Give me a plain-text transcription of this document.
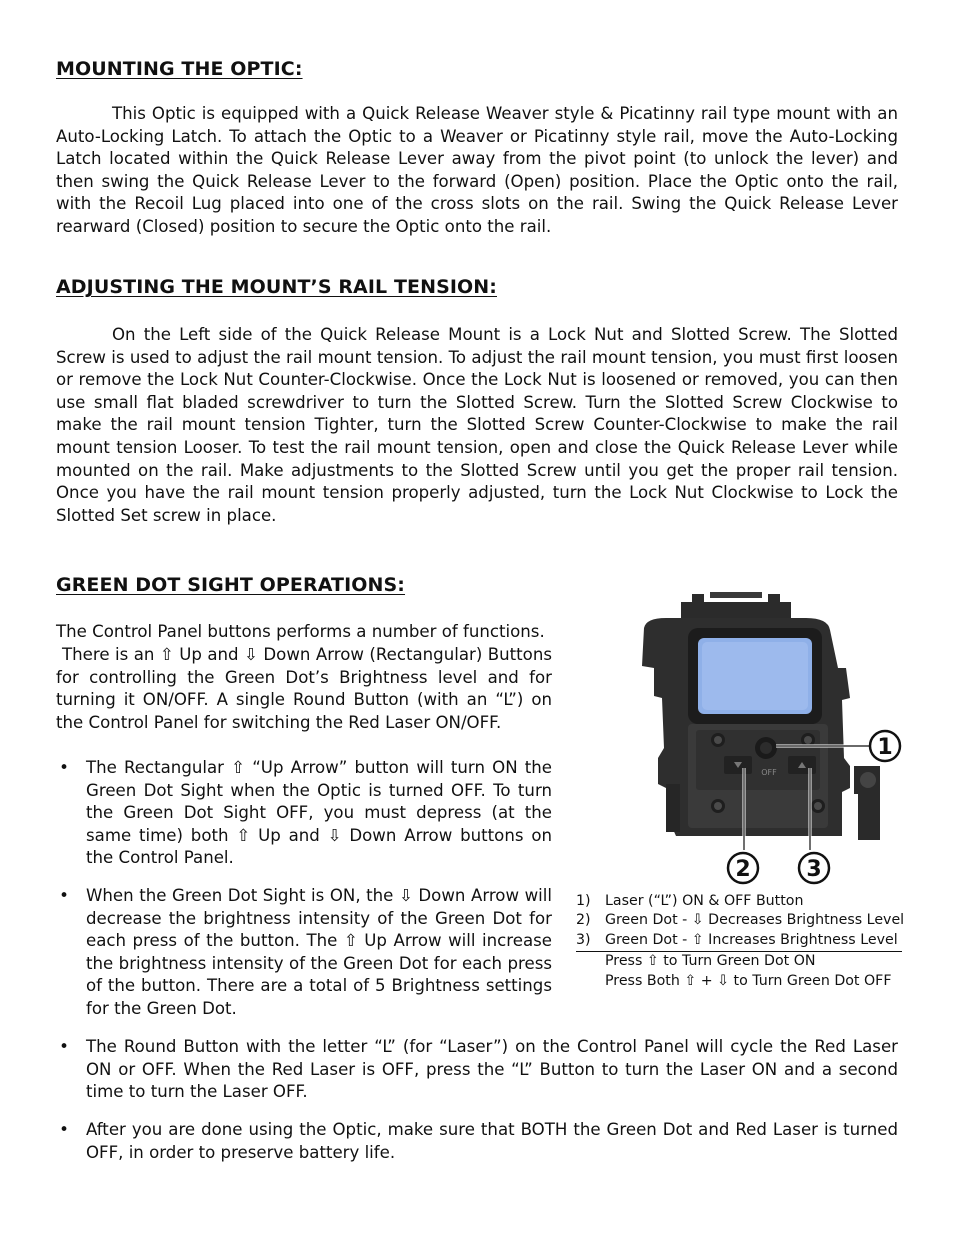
MOUNTING THE OPTIC:

This Optic is equipped with a Quick Release Weaver style & Picatinny rail type mount with an Auto-Locking Latch. To attach the Optic to a Weaver or Picatinny style rail, move the Auto-Locking Latch located within the Quick Release Lever away from the pivot point (to unlock the lever) and then swing the Quick Release Lever to the forward (Open) position. Place the Optic onto the rail, with the Recoil Lug placed into one of the cross slots on the rail. Swing the Quick Release Lever rearward (Closed) position to secure the Optic onto the rail.

ADJUSTING THE MOUNT’S RAIL TENSION:

On the Left side of the Quick Release Mount is a Lock Nut and Slotted Screw. The Slotted Screw is used to adjust the rail mount tension. To adjust the rail mount tension, you must first loosen or remove the Lock Nut Counter-Clockwise. Once the Lock Nut is loosened or removed, you can then use small flat bladed screwdriver to turn the Slotted Screw. Turn the Slotted Screw Clockwise to make the rail mount tension Tighter, turn the Slotted Screw Counter-Clockwise to make the rail mount tension Looser. To test the rail mount tension, open and close the Quick Release Lever while mounted on the rail. Make adjustments to the Slotted Screw until you get the proper rail tension. Once you have the rail mount tension properly adjusted, turn the Lock Nut Clockwise to Lock the Slotted Set screw in place.

GREEN DOT SIGHT OPERATIONS:

The Control Panel buttons performs a number of functions.

There is an ⇧ Up and ⇩ Down Arrow (Rectangular) Buttons for controlling the Green Dot’s Brightness level and for turning it ON/OFF. A single Round Button (with an “L”) on the Control Panel for switching the Red Laser ON/OFF.

• The Rectangular ⇧ “Up Arrow” button will turn ON the Green Dot Sight when the Optic is turned OFF. To turn the Green Dot Sight OFF, you must depress (at the same time) both ⇧ Up and ⇩ Down Arrow buttons on the Control Panel.
• When the Green Dot Sight is ON, the ⇩ Down Arrow will decrease the brightness intensity of the Green Dot for each press of the button. The ⇧ Up Arrow will increase the brightness intensity of the Green Dot for each press of the button. There are a total of 5 Brightness settings for the Green Dot.
• The Round Button with the letter “L” (for “Laser”) on the Control Panel will cycle the Red Laser ON or OFF. When the Red Laser is OFF, press the “L” Button to turn the Laser ON and a second time to turn the Laser OFF.
• After you are done using the Optic, make sure that BOTH the Green Dot and Red Laser is turned OFF, in order to preserve battery life.
OFF
1
2	3
1) Laser (“L”) ON & OFF Button
2) Green Dot - ⇩ Decreases Brightness Level
3) Green Dot - ⇧ Increases Brightness Level
Press ⇧ to Turn Green Dot ON
Press Both ⇧ + ⇩ to Turn Green Dot OFF
